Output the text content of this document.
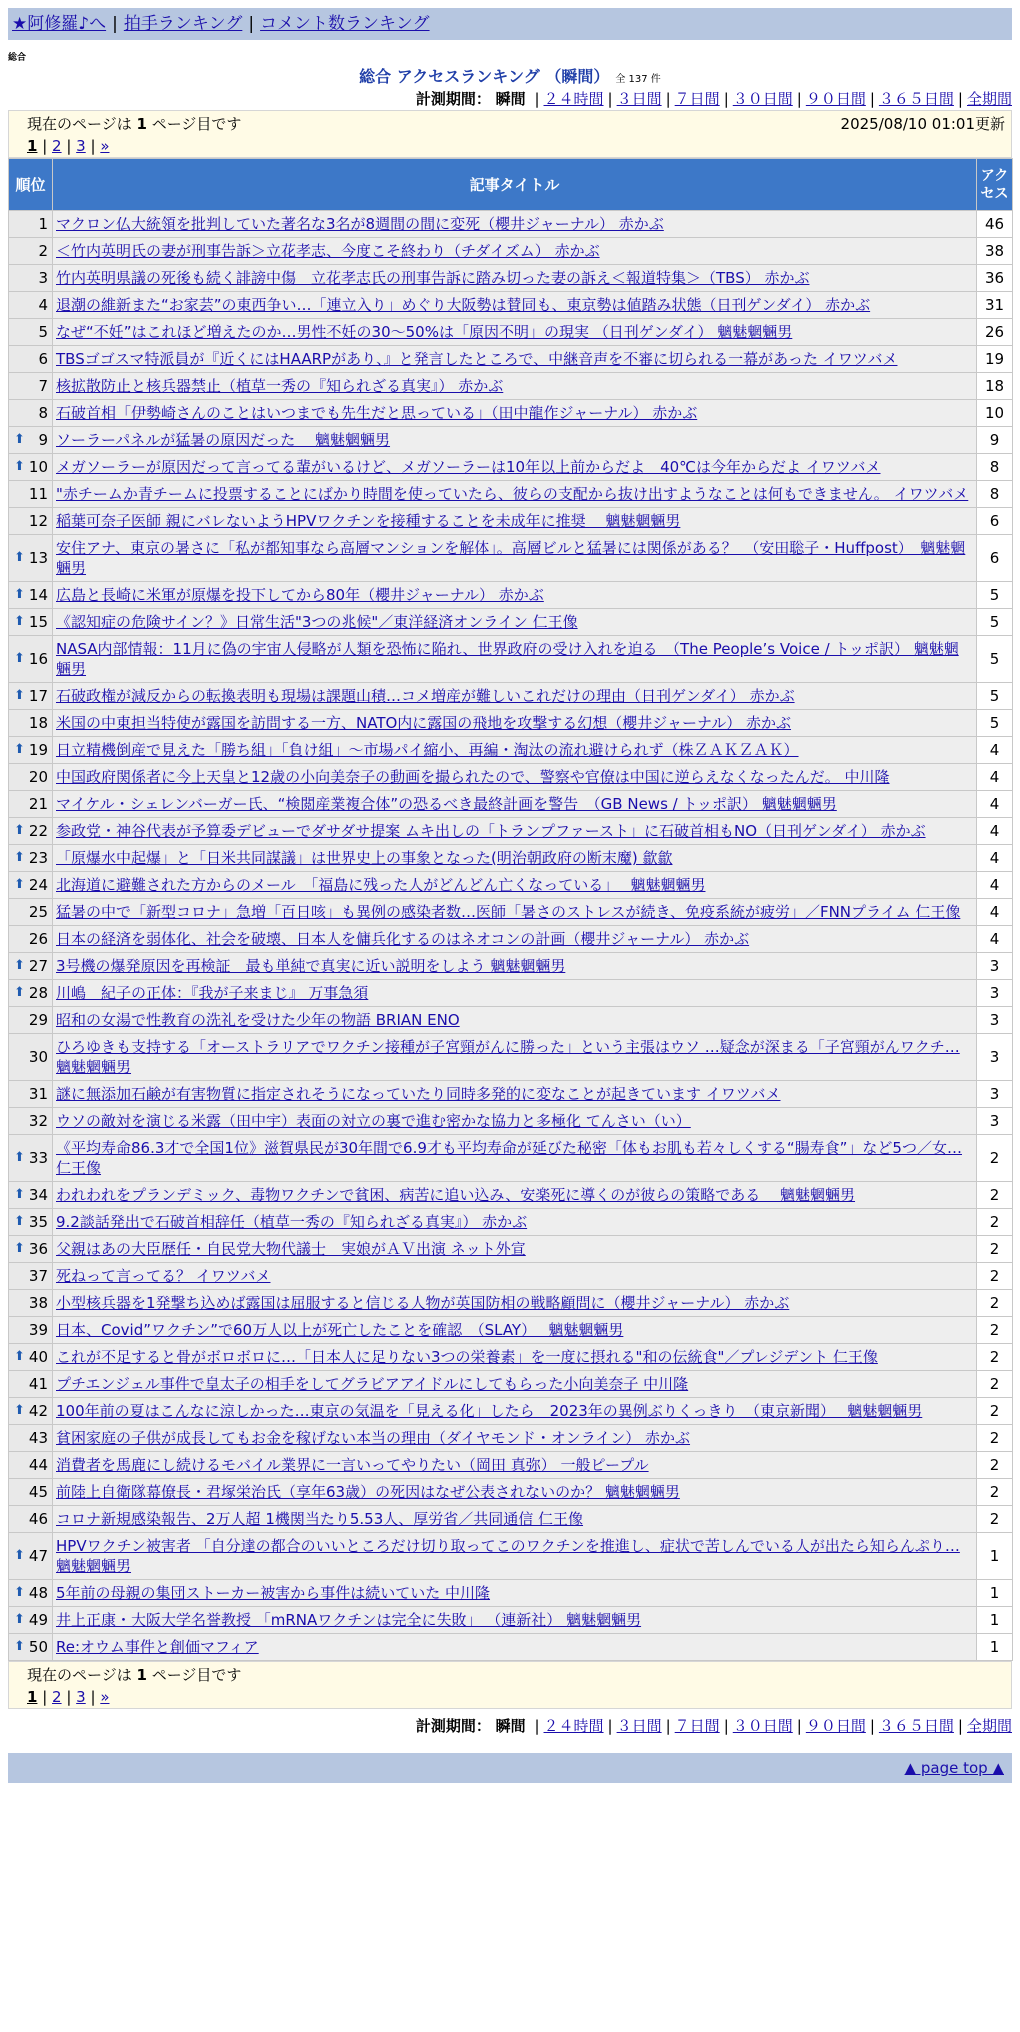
★阿修羅♪へ | 拍手ランキング | コメント数ランキング
総合
総合 アクセスランキング （瞬間） 全 137 件
計測期間： 瞬間 | ２４時間 | ３日間 | ７日間 | ３０日間 | ９０日間 | ３６５日間 | 全期間
現在のページは 1 ページ目です	2025/08/10 01:01更新
1 | 2 | 3 | »
順位	記事タイトル	アクセス
1	マクロン仏大統領を批判していた著名な3名が8週間の間に変死（櫻井ジャーナル） 赤かぶ	46
2	＜竹内英明氏の妻が刑事告訴＞立花孝志、今度こそ終わり（チダイズム） 赤かぶ	38
3	竹内英明県議の死後も続く誹謗中傷　立花孝志氏の刑事告訴に踏み切った妻の訴え＜報道特集＞（TBS） 赤かぶ	36
4	退潮の維新また“お家芸”の東西争い…「連立入り」めぐり大阪勢は賛同も、東京勢は値踏み状態（日刊ゲンダイ） 赤かぶ	31
5	なぜ“不妊”はこれほど増えたのか…男性不妊の30～50%は「原因不明」の現実 （日刊ゲンダイ） 魑魅魍魎男	26
6	TBSゴゴスマ特派員が『近くにはHAARPがあり、』と発言したところで、中継音声を不審に切られる一幕があった イワツバメ	19
7	核拡散防止と核兵器禁止（植草一秀の『知られざる真実』） 赤かぶ	18
8	石破首相「伊勢崎さんのことはいつまでも先生だと思っている」（田中龍作ジャーナル） 赤かぶ	10

⬆ 9	ソーラーパネルが猛暑の原因だった　 魑魅魍魎男	9

⬆ 10	メガソーラーが原因だって言ってる輩がいるけど、メガソーラーは10年以上前からだよ　40℃は今年からだよ イワツバメ	8
11	"赤チームか青チームに投票することにばかり時間を使っていたら、彼らの支配から抜け出すようなことは何もできません。 イワツバメ	8
12	稲葉可奈子医師 親にバレないようHPVワクチンを接種することを未成年に推奨　 魑魅魍魎男	6

⬆ 13	安住アナ、東京の暑さに「私が都知事なら高層マンションを解体」。高層ビルと猛暑には関係がある？　（安田聡子・Huffpost）　魑魅魍魎男	6

⬆ 14	広島と長崎に米軍が原爆を投下してから80年（櫻井ジャーナル） 赤かぶ	5

⬆ 15	《認知症の危険サイン？》日常生活"3つの兆候"／東洋経済オンライン 仁王像	5

⬆ 16	NASA内部情報：11月に偽の宇宙人侵略が人類を恐怖に陥れ、世界政府の受け入れを迫る　（The People’s Voice / トッポ訳） 魑魅魍魎男	5

⬆ 17	石破政権が減反からの転換表明も現場は課題山積…コメ増産が難しいこれだけの理由（日刊ゲンダイ） 赤かぶ	5
18	米国の中東担当特使が露国を訪問する一方、NATO内に露国の飛地を攻撃する幻想（櫻井ジャーナル） 赤かぶ	5

⬆ 19	日立精機倒産で見えた「勝ち組」「負け組」～市場パイ縮小、再編・淘汰の流れ避けられず（株ＺＡＫＺＡＫ）	4
20	中国政府関係者に今上天皇と12歳の小向美奈子の動画を撮られたので、警察や官僚は中国に逆らえなくなったんだ。 中川隆	4
21	マイケル・シェレンバーガー氏、“検閲産業複合体”の恐るべき最終計画を警告　（GB News / トッポ訳） 魑魅魍魎男	4

⬆ 22	参政党・神谷代表が予算委デビューでダサダサ提案 ムキ出しの「トランプファースト」に石破首相もNO（日刊ゲンダイ） 赤かぶ	4

⬆ 23	「原爆水中起爆」と「日米共同謀議」は世界史上の事象となった(明治朝政府の断末魔) 歙歙	4

⬆ 24	北海道に避難された方からのメール　「福島に残った人がどんどん亡くなっている」　 魑魅魍魎男	4
25	猛暑の中で「新型コロナ」急増「百日咳」も異例の感染者数…医師「暑さのストレスが続き、免疫系統が疲労」／FNNプライム 仁王像	4
26	日本の経済を弱体化、社会を破壊、日本人を傭兵化するのはネオコンの計画（櫻井ジャーナル） 赤かぶ	4

⬆ 27	3号機の爆発原因を再検証　最も単純で真実に近い説明をしよう 魑魅魍魎男	3

⬆ 28	川嶋　紀子の正体：『我が子来まじ』 万事急須	3
29	昭和の女湯で性教育の洗礼を受けた少年の物語 BRIAN ENO	3
30	ひろゆきも支持する「オーストラリアでワクチン接種が子宮頸がんに勝った」という主張はウソ …疑念が深まる「子宮頸がんワクチ… 魑魅魍魎男	3
31	謎に無添加石鹸が有害物質に指定されそうになっていたり同時多発的に変なことが起きています イワツバメ	3
32	ウソの敵対を演じる米露（田中宇）表面の対立の裏で進む密かな協力と多極化 てんさい（い）	3

⬆ 33	《平均寿命86.3才で全国1位》滋賀県民が30年間で6.9才も平均寿命が延びた秘密「体もお肌も若々しくする“腸寿食”」など5つ／女… 仁王像	2

⬆ 34	われわれをプランデミック、毒物ワクチンで貧困、病苦に追い込み、安楽死に導くのが彼らの策略である　 魑魅魍魎男	2

⬆ 35	9.2談話発出で石破首相辞任（植草一秀の『知られざる真実』） 赤かぶ	2

⬆ 36	父親はあの大臣歴任・自民党大物代議士　実娘がＡＶ出演 ネット外宣	2
37	死ねって言ってる？ イワツバメ	2
38	小型核兵器を1発撃ち込めば露国は屈服すると信じる人物が英国防相の戦略顧問に（櫻井ジャーナル） 赤かぶ	2
39	日本、Covid”ワクチン”で60万人以上が死亡したことを確認　（SLAY）　 魑魅魍魎男	2

⬆ 40	これが不足すると骨がボロボロに…「日本人に足りない3つの栄養素」を一度に摂れる"和の伝統食"／プレジデント 仁王像	2
41	プチエンジェル事件で皇太子の相手をしてグラビアアイドルにしてもらった小向美奈子 中川隆	2

⬆ 42	100年前の夏はこんなに涼しかった…東京の気温を「見える化」したら　2023年の異例ぶりくっきり　（東京新聞）　 魑魅魍魎男	2
43	貧困家庭の子供が成長してもお金を稼げない本当の理由（ダイヤモンド・オンライン） 赤かぶ	2
44	消費者を馬鹿にし続けるモバイル業界に一言いってやりたい（岡田 真弥） 一般ピープル	2
45	前陸上自衛隊幕僚長・君塚栄治氏（享年63歳）の死因はなぜ公表されないのか？ 魑魅魍魎男	2
46	コロナ新規感染報告、2万人超 1機関当たり5.53人、厚労省／共同通信 仁王像	2

⬆ 47	HPVワクチン被害者 「自分達の都合のいいところだけ切り取ってこのワクチンを推進し、症状で苦しんでいる人が出たら知らんぷり… 魑魅魍魎男	1

⬆ 48	5年前の母親の集団ストーカー被害から事件は続いていた 中川隆	1

⬆ 49	井上正康・大阪大学名誉教授 「mRNAワクチンは完全に失敗」 （連新社） 魑魅魍魎男	1

⬆ 50	Re:オウム事件と創価マフィア	1
現在のページは 1 ページ目です
1 | 2 | 3 | »
計測期間： 瞬間 | ２４時間 | ３日間 | ７日間 | ３０日間 | ９０日間 | ３６５日間 | 全期間
▲ page top ▲
